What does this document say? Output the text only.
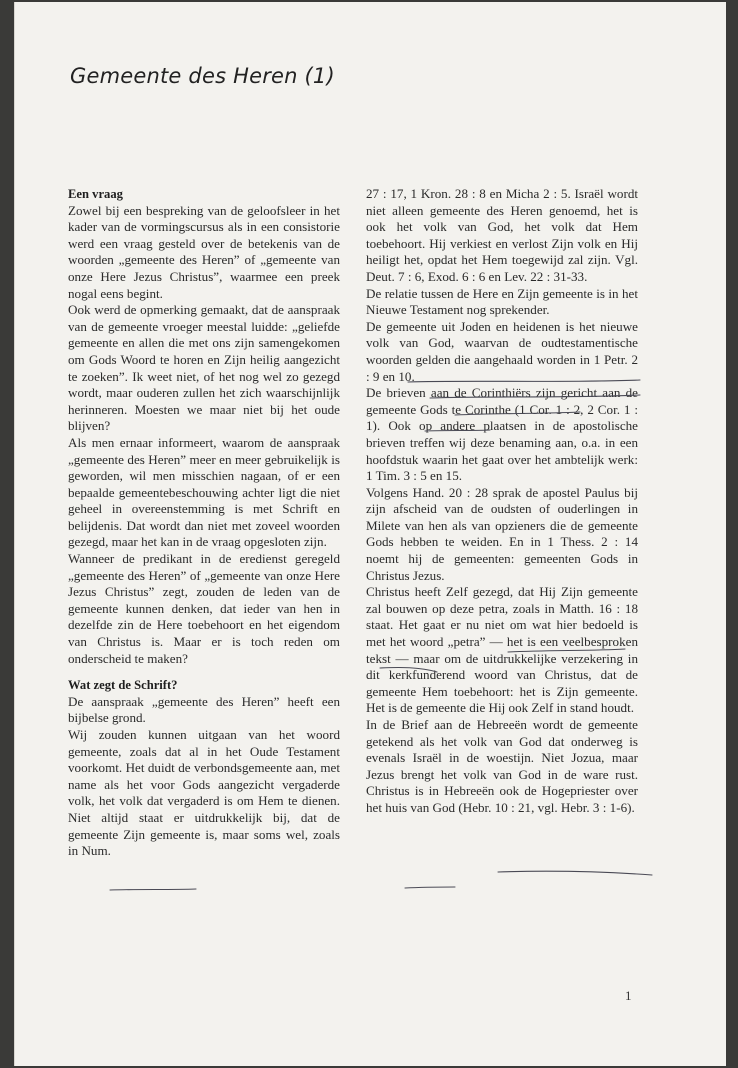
Gemeente des Heren (1)
Een vraag

Zowel bij een bespreking van de geloofsleer in het kader van de vormingscursus als in een consistorie werd een vraag gesteld over de betekenis van de woorden „gemeente des Heren” of „gemeente van onze Here Jezus Christus”, waarmee een preek nogal eens begint.

Ook werd de opmerking gemaakt, dat de aanspraak van de gemeente vroeger meestal luidde: „geliefde gemeente en allen die met ons zijn samengekomen om Gods Woord te horen en Zijn heilig aangezicht te zoeken”. Ik weet niet, of het nog wel zo gezegd wordt, maar ouderen zullen het zich waarschijnlijk herinneren. Moesten we maar niet bij het oude blijven?

Als men ernaar informeert, waarom de aanspraak „gemeente des Heren” meer en meer gebruikelijk is geworden, wil men misschien nagaan, of er een bepaalde gemeentebeschouwing achter ligt die niet geheel in overeenstemming is met Schrift en belijdenis. Dat wordt dan niet met zoveel woorden gezegd, maar het kan in de vraag opgesloten zijn.

Wanneer de predikant in de eredienst geregeld „gemeente des Heren” of „gemeente van onze Here Jezus Christus” zegt, zouden de leden van de gemeente kunnen denken, dat ieder van hen in dezelfde zin de Here toebehoort en het eigendom van Christus is. Maar er is toch reden om onderscheid te maken?

Wat zegt de Schrift?

De aanspraak „gemeente des Heren” heeft een bijbelse grond.

Wij zouden kunnen uitgaan van het woord gemeente, zoals dat al in het Oude Testament voorkomt. Het duidt de verbondsgemeente aan, met name als het voor Gods aangezicht vergaderde volk, het volk dat vergaderd is om Hem te dienen. Niet altijd staat er uitdrukkelijk bij, dat de gemeente Zijn gemeente is, maar soms wel, zoals in Num.

27 : 17, 1 Kron. 28 : 8 en Micha 2 : 5. Israël wordt niet alleen gemeente des Heren genoemd, het is ook het volk van God, het volk dat Hem toebehoort. Hij verkiest en verlost Zijn volk en Hij heiligt het, opdat het Hem toegewijd zal zijn. Vgl. Deut. 7 : 6, Exod. 6 : 6 en Lev. 22 : 31-33.

De relatie tussen de Here en Zijn gemeente is in het Nieuwe Testament nog sprekender.

De gemeente uit Joden en heidenen is het nieuwe volk van God, waarvan de oudtestamentische woorden gelden die aangehaald worden in 1 Petr. 2 : 9 en 10.

De brieven aan de Corinthiërs zijn gericht aan de gemeente Gods te Corinthe (1 Cor. 1 : 2, 2 Cor. 1 : 1). Ook op andere plaatsen in de apostolische brieven treffen wij deze benaming aan, o.a. in een hoofdstuk waarin het gaat over het ambtelijk werk: 1 Tim. 3 : 5 en 15.

Volgens Hand. 20 : 28 sprak de apostel Paulus bij zijn afscheid van de oudsten of ouderlingen in Milete van hen als van opzieners die de gemeente Gods hebben te weiden. En in 1 Thess. 2 : 14 noemt hij de gemeenten: gemeenten Gods in Christus Jezus.

Christus heeft Zelf gezegd, dat Hij Zijn gemeente zal bouwen op deze petra, zoals in Matth. 16 : 18 staat. Het gaat er nu niet om wat hier bedoeld is met het woord „petra” — het is een veelbesproken tekst — maar om de uitdrukkelijke verzekering in dit kerkfunderend woord van Christus, dat de gemeente Hem toebehoort: het is Zijn gemeente. Het is de gemeente die Hij ook Zelf in stand houdt.

In de Brief aan de Hebreeën wordt de gemeente getekend als het volk van God dat onderweg is evenals Israël in de woestijn. Niet Jozua, maar Jezus brengt het volk van God in de ware rust. Christus is in Hebreeën ook de Hogepriester over het huis van God (Hebr. 10 : 21, vgl. Hebr. 3 : 1-6).

1
